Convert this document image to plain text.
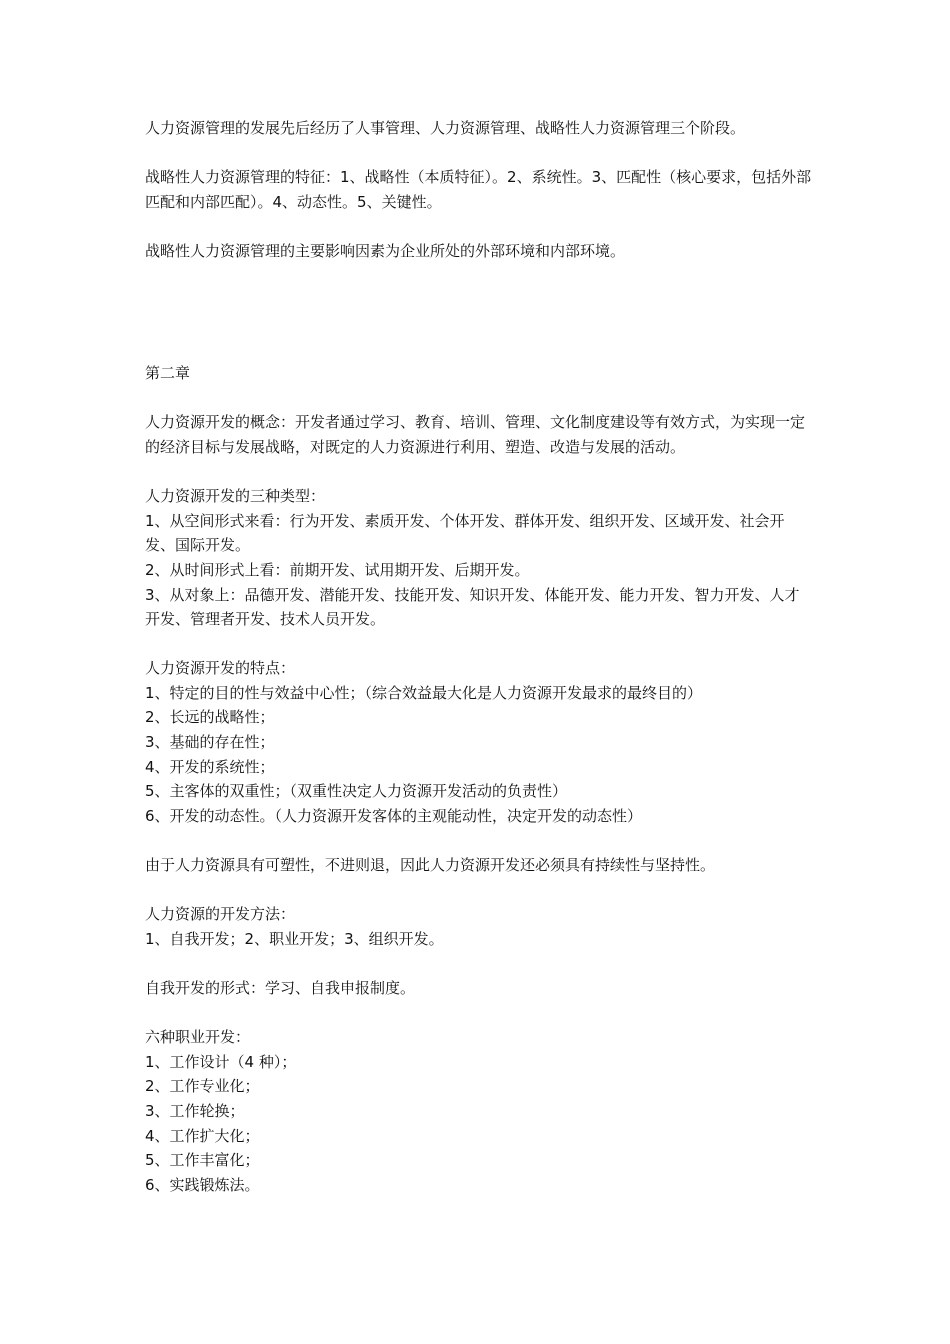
人力资源管理的发展先后经历了人事管理、人力资源管理、战略性人力资源管理三个阶段。

战略性人力资源管理的特征：1、战略性（本质特征）。2、系统性。3、匹配性（核心要求，包括外部匹配和内部匹配）。4、动态性。5、关键性。

战略性人力资源管理的主要影响因素为企业所处的外部环境和内部环境。

第二章

人力资源开发的概念：开发者通过学习、教育、培训、管理、文化制度建设等有效方式，为实现一定的经济目标与发展战略，对既定的人力资源进行利用、塑造、改造与发展的活动。

人力资源开发的三种类型：
1、从空间形式来看：行为开发、素质开发、个体开发、群体开发、组织开发、区域开发、社会开发、国际开发。
2、从时间形式上看：前期开发、试用期开发、后期开发。
3、从对象上：品德开发、潜能开发、技能开发、知识开发、体能开发、能力开发、智力开发、人才开发、管理者开发、技术人员开发。
人力资源开发的特点：
1、特定的目的性与效益中心性；（综合效益最大化是人力资源开发最求的最终目的）
2、长远的战略性；
3、基础的存在性；
4、开发的系统性；
5、主客体的双重性；（双重性决定人力资源开发活动的负责性）
6、开发的动态性。（人力资源开发客体的主观能动性，决定开发的动态性）

由于人力资源具有可塑性，不进则退，因此人力资源开发还必须具有持续性与坚持性。

人力资源的开发方法：
1、自我开发；2、职业开发；3、组织开发。

自我开发的形式：学习、自我申报制度。

六种职业开发：
1、工作设计（4 种）；
2、工作专业化；
3、工作轮换；
4、工作扩大化；
5、工作丰富化；
6、实践锻炼法。
